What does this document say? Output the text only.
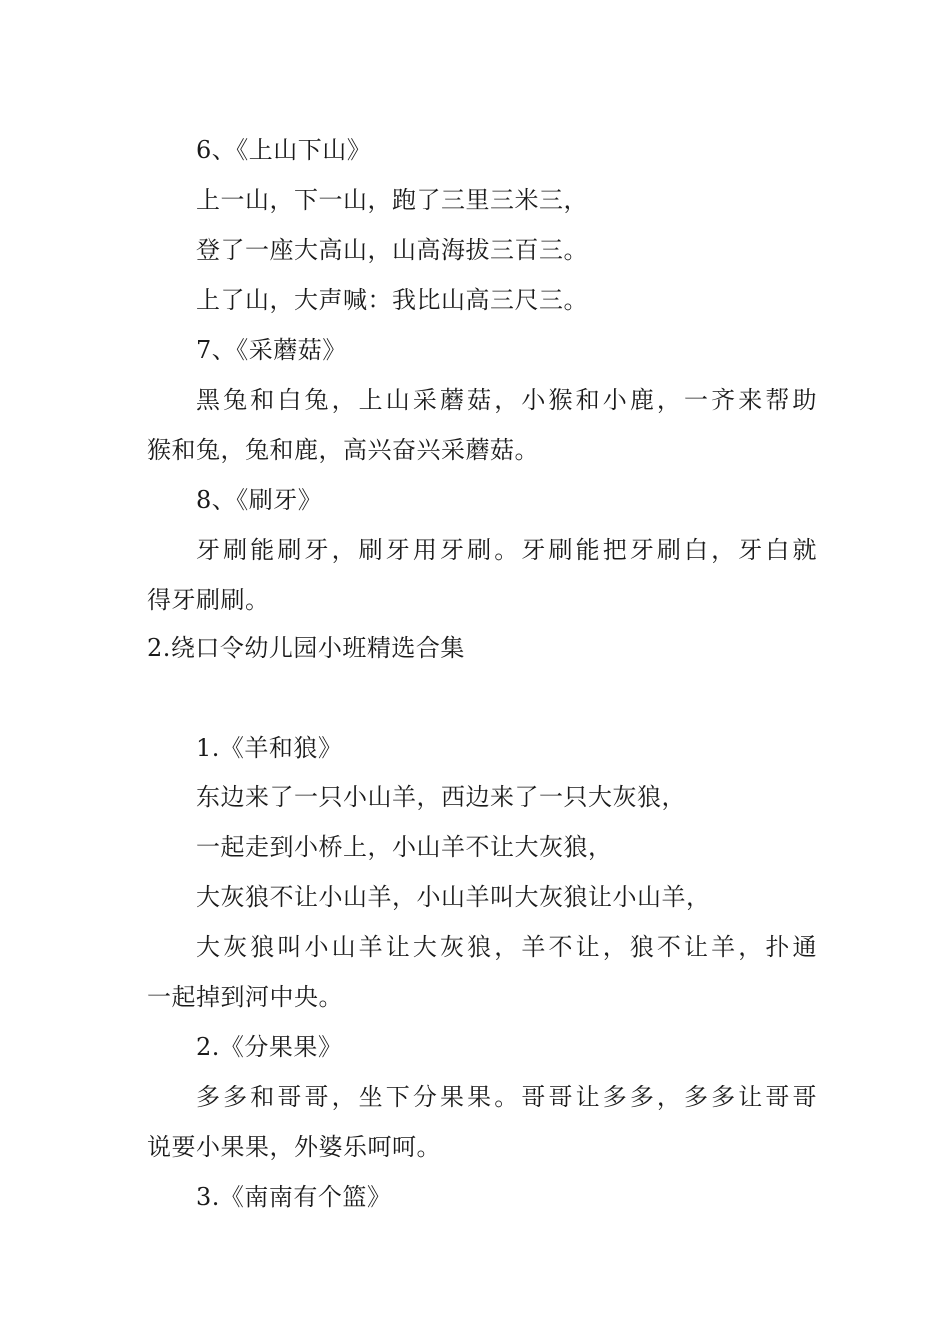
6、《上山下山》
上一山，下一山，跑了三里三米三，
登了一座大高山，山高海拔三百三。
上了山，大声喊：我比山高三尺三。
7、《采蘑菇》
黑兔和白兔，上山采蘑菇，小猴和小鹿，一齐来帮助
猴和兔，兔和鹿，高兴奋兴采蘑菇。
8、《刷牙》
牙刷能刷牙，刷牙用牙刷。牙刷能把牙刷白，牙白就
得牙刷刷。
2.绕口令幼儿园小班精选合集
1.《羊和狼》
东边来了一只小山羊，西边来了一只大灰狼，
一起走到小桥上，小山羊不让大灰狼，
大灰狼不让小山羊，小山羊叫大灰狼让小山羊，
大灰狼叫小山羊让大灰狼，羊不让，狼不让羊，扑通
一起掉到河中央。
2.《分果果》
多多和哥哥，坐下分果果。哥哥让多多，多多让哥哥
说要小果果，外婆乐呵呵。
3.《南南有个篮》
